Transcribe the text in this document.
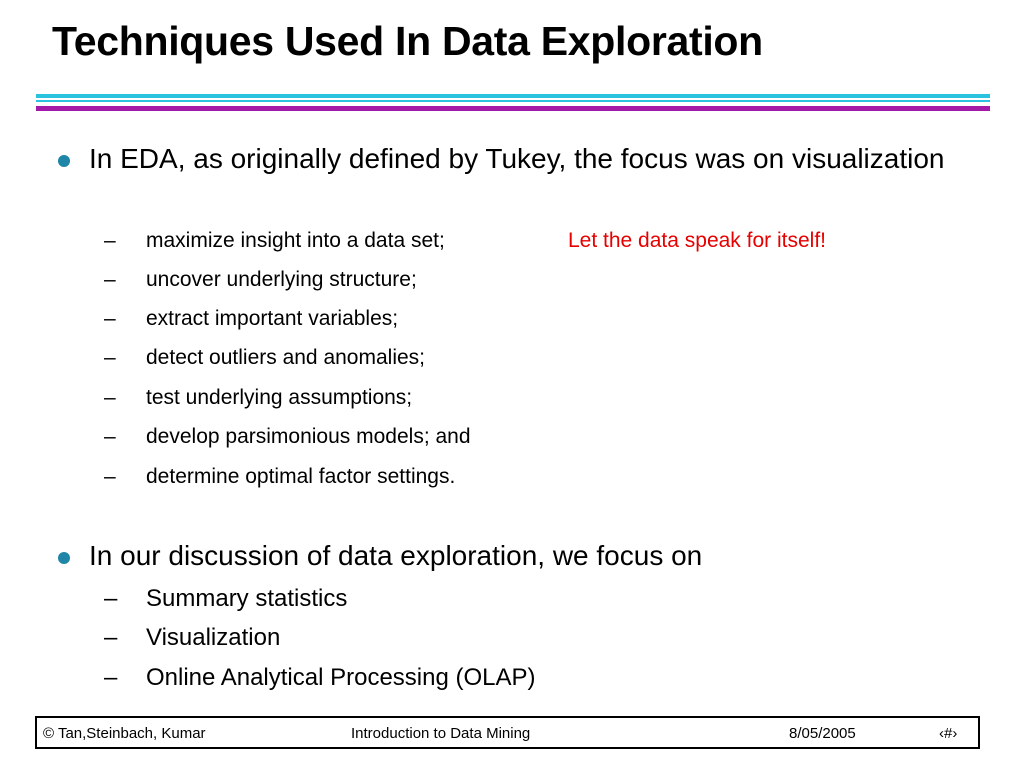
Techniques Used In Data Exploration
In EDA, as originally defined by Tukey, the focus was on visualization
– maximize insight into a data set;	Let the data speak for itself!
– uncover underlying structure;
– extract important variables;
– detect outliers and anomalies;
– test underlying assumptions;
– develop parsimonious models; and
– determine optimal factor settings.
In our discussion of data exploration, we focus on
– Summary statistics
– Visualization
– Online Analytical Processing (OLAP)
© Tan,Steinbach, Kumar	Introduction to Data Mining	8/05/2005	‹#›
